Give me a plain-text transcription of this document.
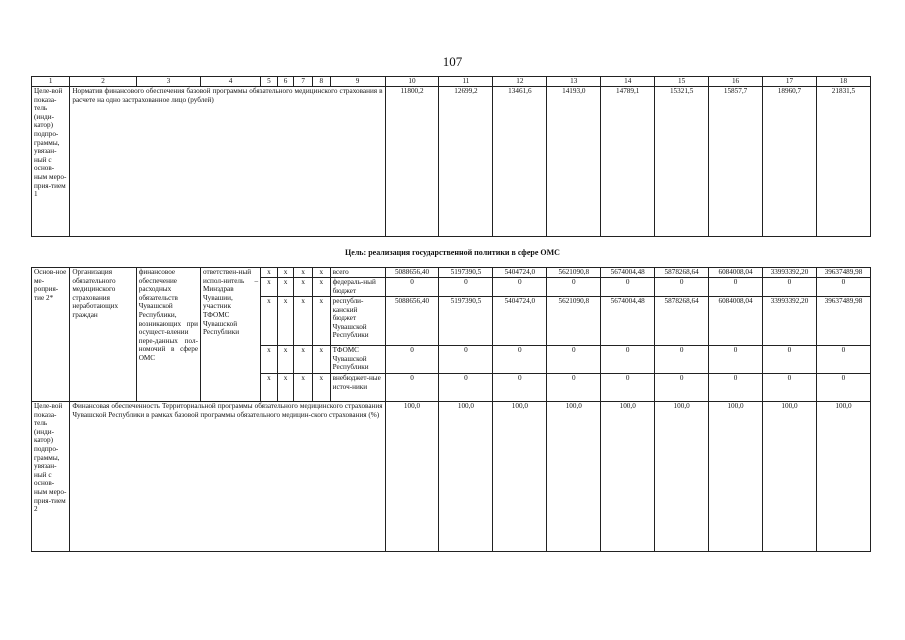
107
1	2	3	4	5	6	7	8	9	10	11	12	13	14	15	16	17	18
Целе-вой показа-тель (инди-катор) подпро-граммы, увязан-ный с основ-ным меро-прия-тием 1	Норматив финансового обеспечения базовой программы обязательного медицинского страхования в расчете на одно застрахованное лицо (рублей)								11800,2	12699,2	13461,6	14193,0	14789,1	15321,5	15857,7	18960,7	21831,5
Цель: реализация государственной политики в сфере ОМС
Основ-ное ме-роприя-тие 2*	Организация обязательного медицинского страхования неработающих граждан	финансовое обеспечение расходных обязательств Чувашской Республики, возникающих при осущест-влении пере-данных пол-номочий в сфере ОМС	ответствен-ный испол-нитель – Минздрав Чувашии, участник ТФОМС Чувашской Республики	x	x	x	x	всего	5088656,40	5197390,5	5404724,0	5621090,8	5674004,48	5878268,64	6084008,04	33993392,20	39637489,98
				x	x	x	x	федераль-ный бюджет	0	0	0	0	0	0	0	0	0
				x	x	x	x	республи-канский бюджет Чувашской Республики	5088656,40	5197390,5	5404724,0	5621090,8	5674004,48	5878268,64	6084008,04	33993392,20	39637489,98
				x	x	x	x	ТФОМС Чувашской Республики	0	0	0	0	0	0	0	0	0
				x	x	x	x	внебюджет-ные источ-ники	0	0	0	0	0	0	0	0	0
Целе-вой показа-тель (инди-катор) подпро-граммы, увязан-ный с основ-ным меро-прия-тием 2	Финансовая обеспеченность Территориальной программы обязательного медицинского страхования Чувашской Республики в рамках базовой программы обязательного медицин-ского страхования (%)								100,0	100,0	100,0	100,0	100,0	100,0	100,0	100,0	100,0
